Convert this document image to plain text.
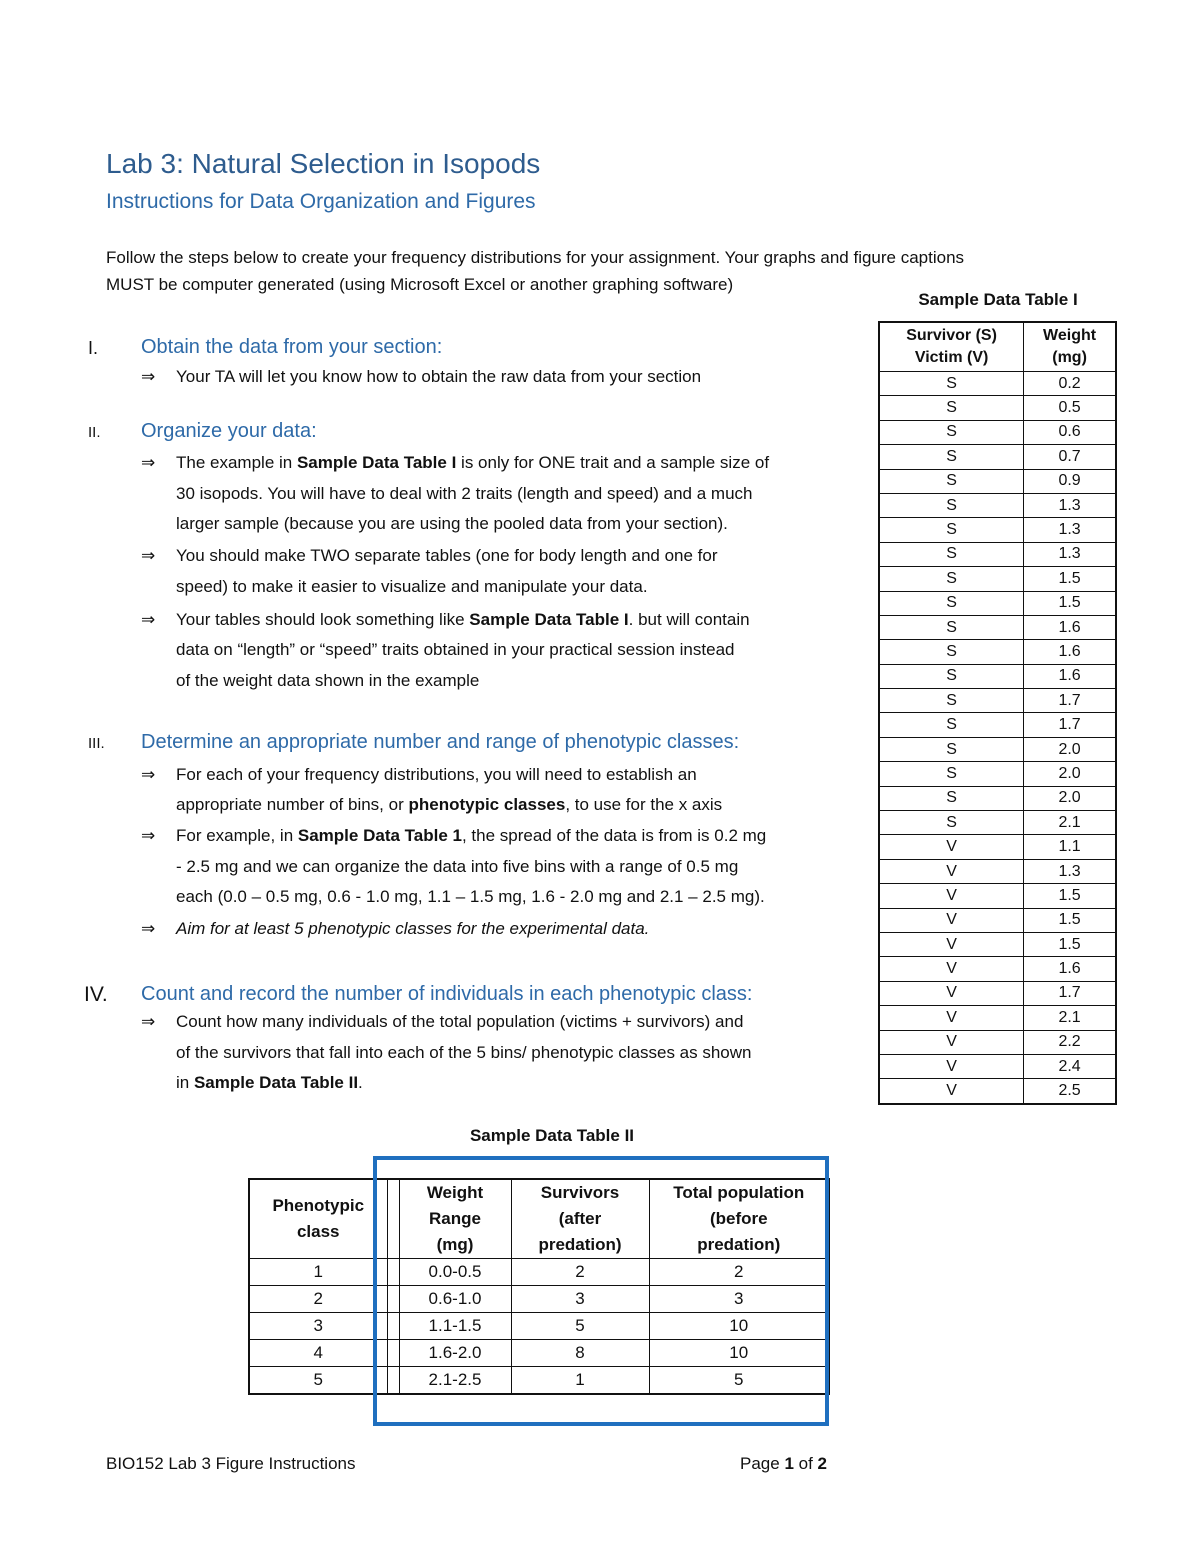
Lab 3: Natural Selection in Isopods
Instructions for Data Organization and Figures
Follow the steps below to create your frequency distributions for your assignment. Your graphs and figure captions
MUST be computer generated (using Microsoft Excel or another graphing software)
I. Obtain the data from your section:
⇒ Your TA will let you know how to obtain the raw data from your section
II. Organize your data:
⇒ The example in Sample Data Table I is only for ONE trait and a sample size of
30 isopods. You will have to deal with 2 traits (length and speed) and a much
larger sample (because you are using the pooled data from your section).
⇒ You should make TWO separate tables (one for body length and one for
speed) to make it easier to visualize and manipulate your data.
⇒ Your tables should look something like Sample Data Table I. but will contain
data on “length” or “speed” traits obtained in your practical session instead
of the weight data shown in the example
III. Determine an appropriate number and range of phenotypic classes:
⇒ For each of your frequency distributions, you will need to establish an
appropriate number of bins, or phenotypic classes, to use for the x axis
⇒ For example, in Sample Data Table 1, the spread of the data is from is 0.2 mg
- 2.5 mg and we can organize the data into five bins with a range of 0.5 mg
each (0.0 – 0.5 mg, 0.6 - 1.0 mg, 1.1 – 1.5 mg, 1.6 - 2.0 mg and 2.1 – 2.5 mg).
⇒ Aim for at least 5 phenotypic classes for the experimental data.
IV. Count and record the number of individuals in each phenotypic class:
⇒ Count how many individuals of the total population (victims + survivors) and
of the survivors that fall into each of the 5 bins/ phenotypic classes as shown
in Sample Data Table II.
Sample Data Table I
Survivor (S)
Victim (V)	Weight
(mg)
S	0.2
S	0.5
S	0.6
S	0.7
S	0.9
S	1.3
S	1.3
S	1.3
S	1.5
S	1.5
S	1.6
S	1.6
S	1.6
S	1.7
S	1.7
S	2.0
S	2.0
S	2.0
S	2.1
V	1.1
V	1.3
V	1.5
V	1.5
V	1.5
V	1.6
V	1.7
V	2.1
V	2.2
V	2.4
V	2.5
Sample Data Table II
Phenotypic
class		Weight
Range
(mg)	Survivors
(after
predation)	Total population
(before
predation)
1		0.0-0.5	2	2
2		0.6-1.0	3	3
3		1.1-1.5	5	10
4		1.6-2.0	8	10
5		2.1-2.5	1	5
BIO152 Lab 3 Figure Instructions	Page 1 of 2
